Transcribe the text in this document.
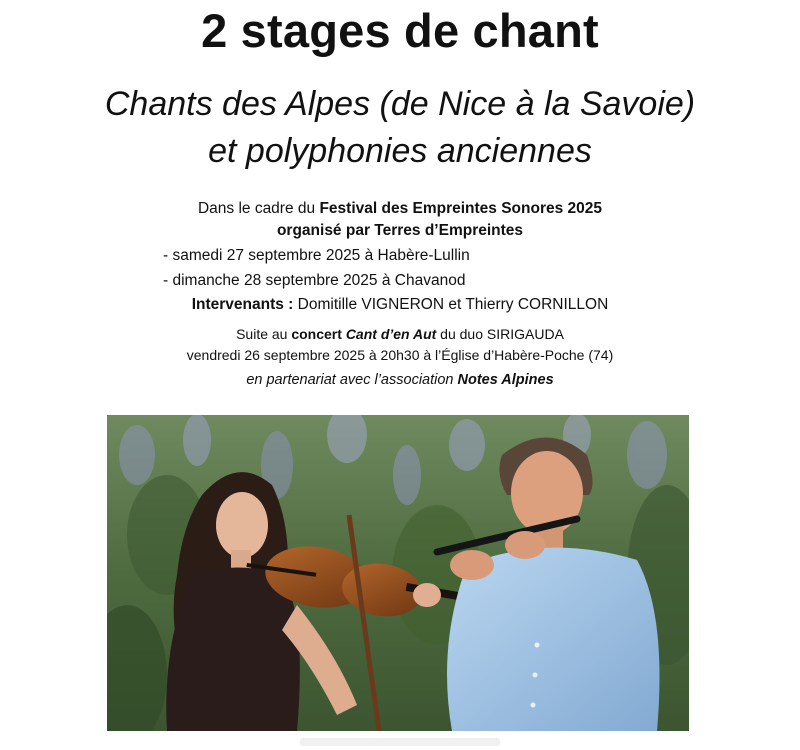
2 stages de chant
Chants des Alpes (de Nice à la Savoie)
et polyphonies anciennes
Dans le cadre du Festival des Empreintes Sonores 2025
organisé par Terres d’Empreintes
- samedi 27 septembre 2025 à Habère-Lullin
- dimanche 28 septembre 2025 à Chavanod
Intervenants : Domitille VIGNERON et Thierry CORNILLON
Suite au concert Cant d’en Aut du duo SIRIGAUDA
vendredi 26 septembre 2025 à 20h30 à l’Église d’Habère-Poche (74)
en partenariat avec l’association Notes Alpines
